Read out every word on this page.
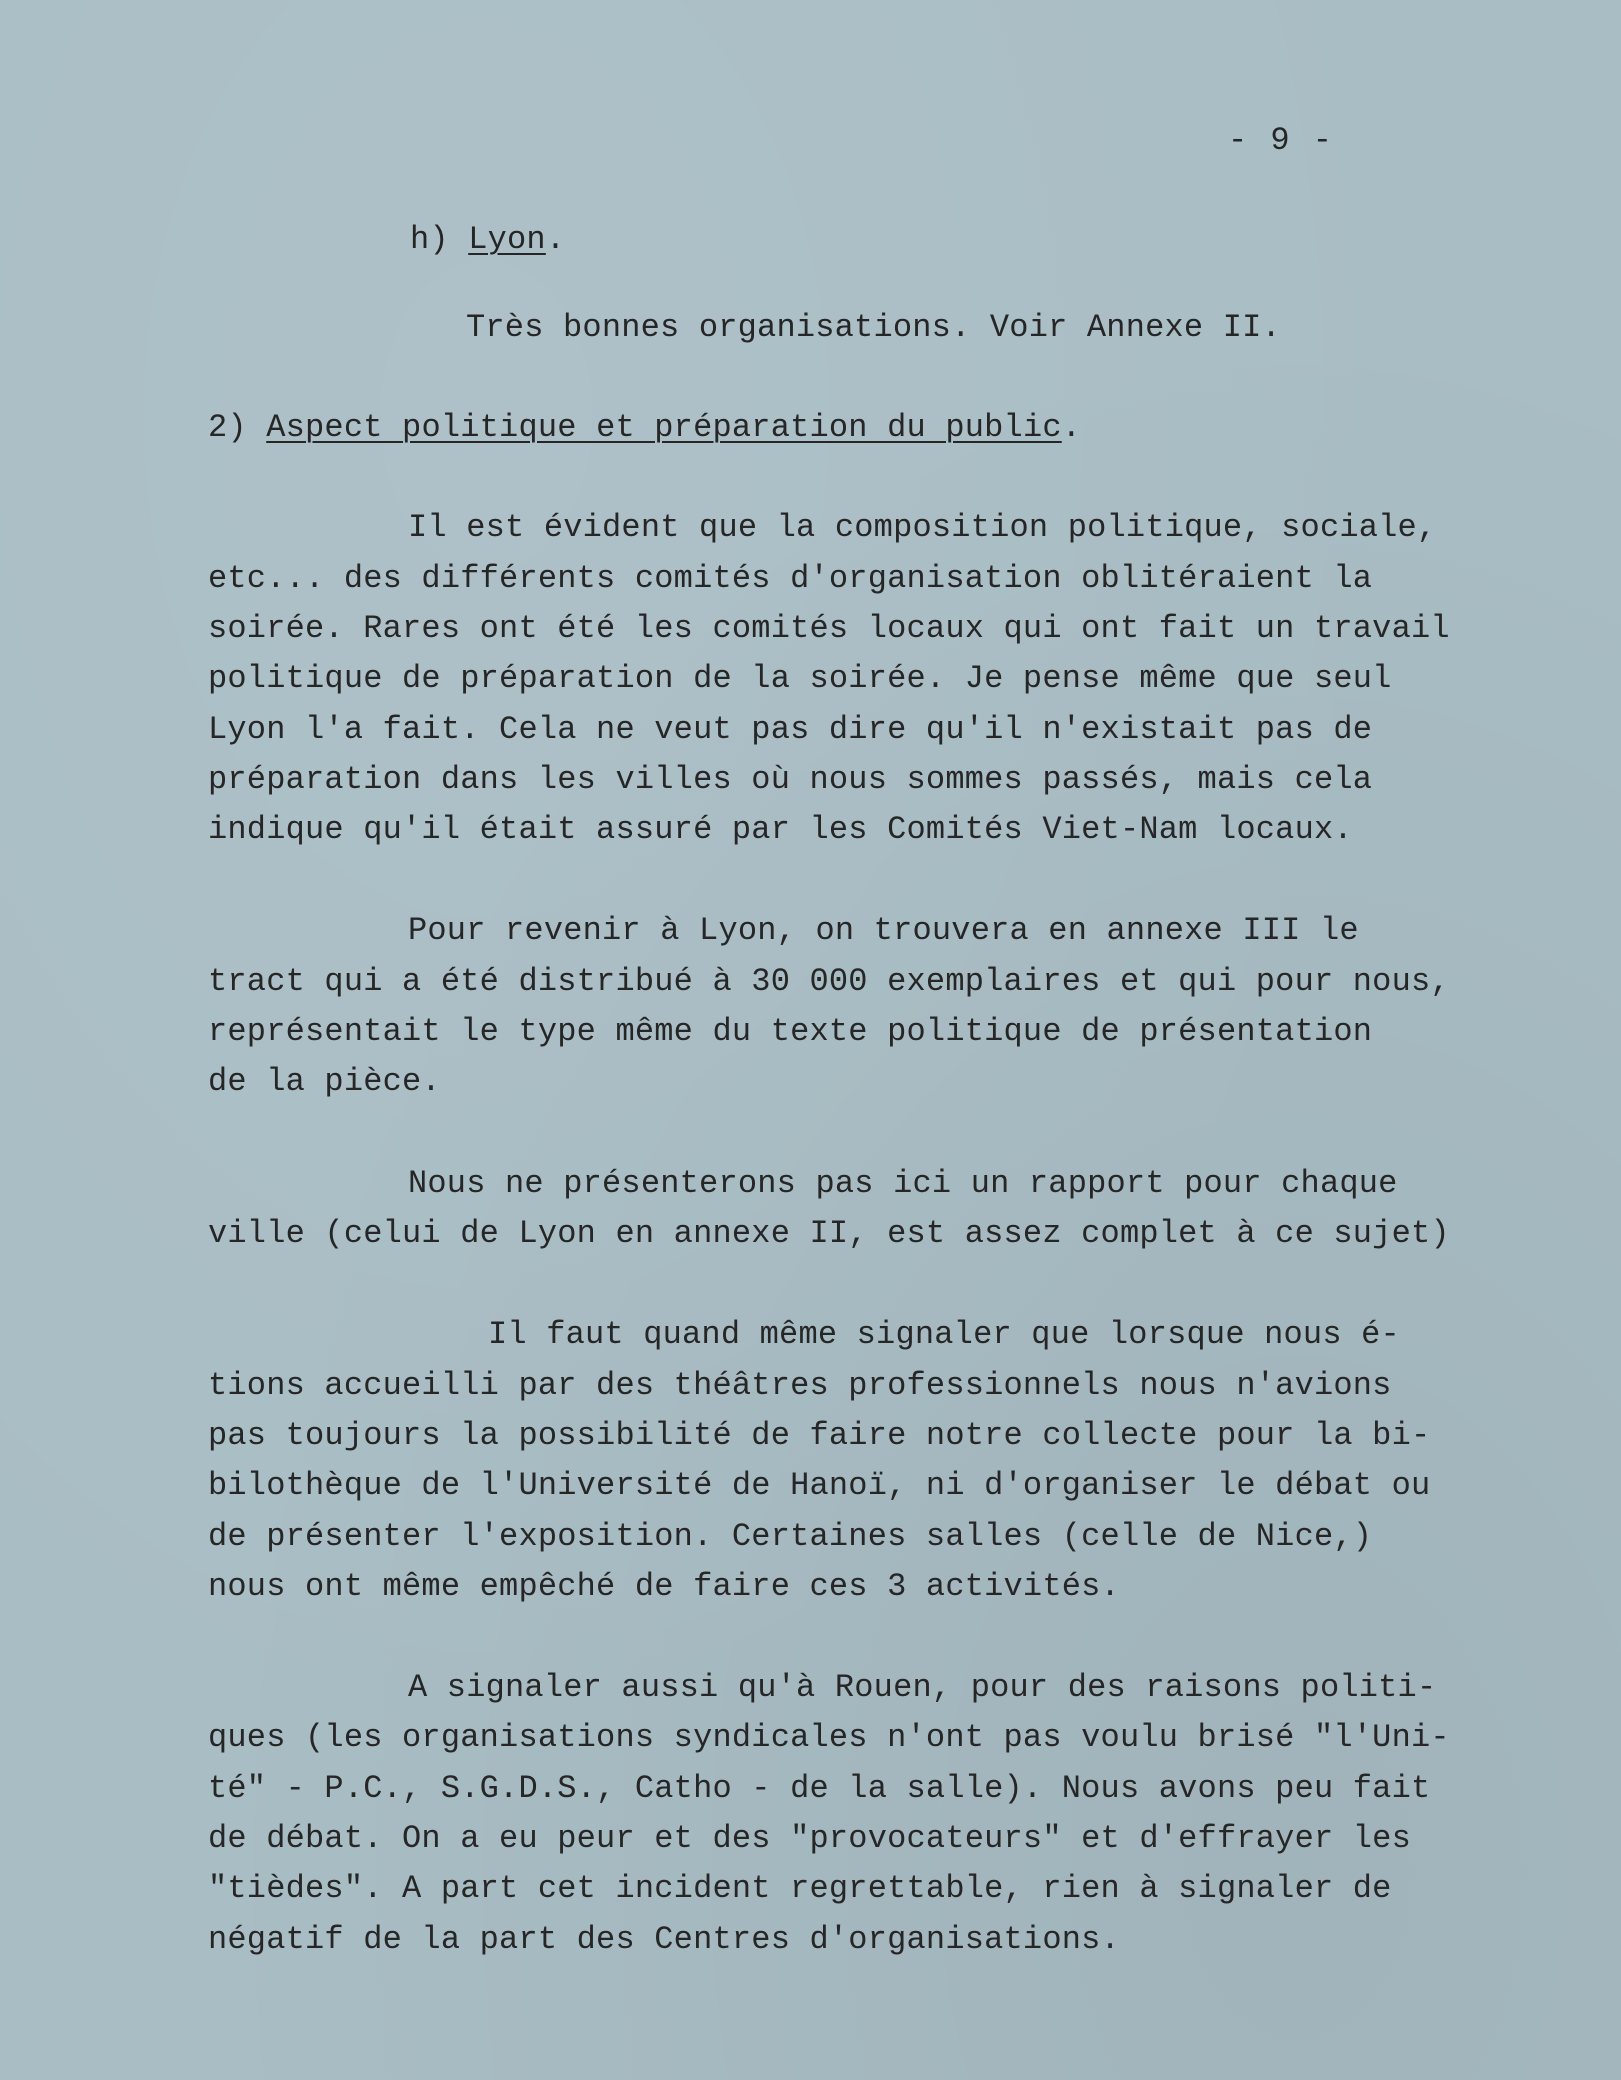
- 9 -
h) Lyon.
Très bonnes organisations. Voir Annexe II.
2) Aspect politique et préparation du public.
Il est évident que la composition politique, sociale,
etc... des différents comités d'organisation oblitéraient la
soirée. Rares ont été les comités locaux qui ont fait un travail
politique de préparation de la soirée. Je pense même que seul
Lyon l'a fait. Cela ne veut pas dire qu'il n'existait pas de
préparation dans les villes où nous sommes passés, mais cela
indique qu'il était assuré par les Comités Viet-Nam locaux.
Pour revenir à Lyon, on trouvera en annexe III le
tract qui a été distribué à 30 000 exemplaires et qui pour nous,
représentait le type même du texte politique de présentation
de la pièce.
Nous ne présenterons pas ici un rapport pour chaque
ville (celui de Lyon en annexe II, est assez complet à ce sujet)
Il faut quand même signaler que lorsque nous é-
tions accueilli par des théâtres professionnels nous n'avions
pas toujours la possibilité de faire notre collecte pour la bi-
bilothèque de l'Université de Hanoï, ni d'organiser le débat ou
de présenter l'exposition. Certaines salles (celle de Nice,)
nous ont même empêché de faire ces 3 activités.
A signaler aussi qu'à Rouen, pour des raisons politi-
ques (les organisations syndicales n'ont pas voulu brisé "l'Uni-
té" - P.C., S.G.D.S., Catho - de la salle). Nous avons peu fait
de débat. On a eu peur et des "provocateurs" et d'effrayer les
"tièdes". A part cet incident regrettable, rien à signaler de
négatif de la part des Centres d'organisations.
